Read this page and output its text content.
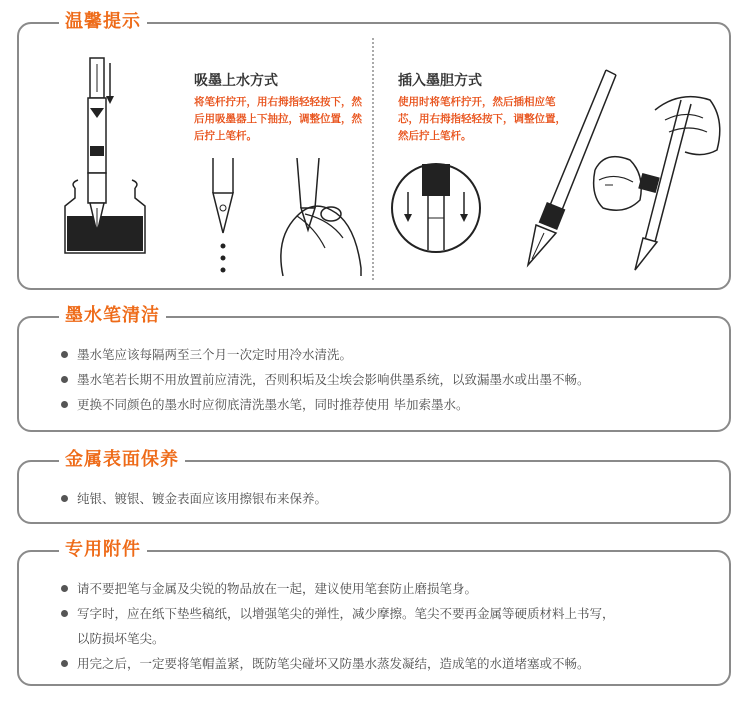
温馨提示
吸墨上水方式
将笔杆拧开，用右拇指轻轻按下，然后用吸墨器上下抽拉，调整位置，然后拧上笔杆。
插入墨胆方式
使用时将笔杆拧开，然后插相应笔芯，用右拇指轻轻按下，调整位置，然后拧上笔杆。
墨水笔清洁
墨水笔应该每隔两至三个月一次定时用冷水清洗。
墨水笔若长期不用放置前应清洗，否则积垢及尘埃会影响供墨系统，以致漏墨水或出墨不畅。
更换不同颜色的墨水时应彻底清洗墨水笔，同时推荐使用 毕加索墨水。
金属表面保养
纯银、镀银、镀金表面应该用擦银布来保养。
专用附件
请不要把笔与金属及尖锐的物品放在一起，建议使用笔套防止磨损笔身。
写字时，应在纸下垫些稿纸，以增强笔尖的弹性，减少摩擦。笔尖不要再金属等硬质材料上书写，
以防损坏笔尖。
用完之后，一定要将笔帽盖紧，既防笔尖碰坏又防墨水蒸发凝结，造成笔的水道堵塞或不畅。
